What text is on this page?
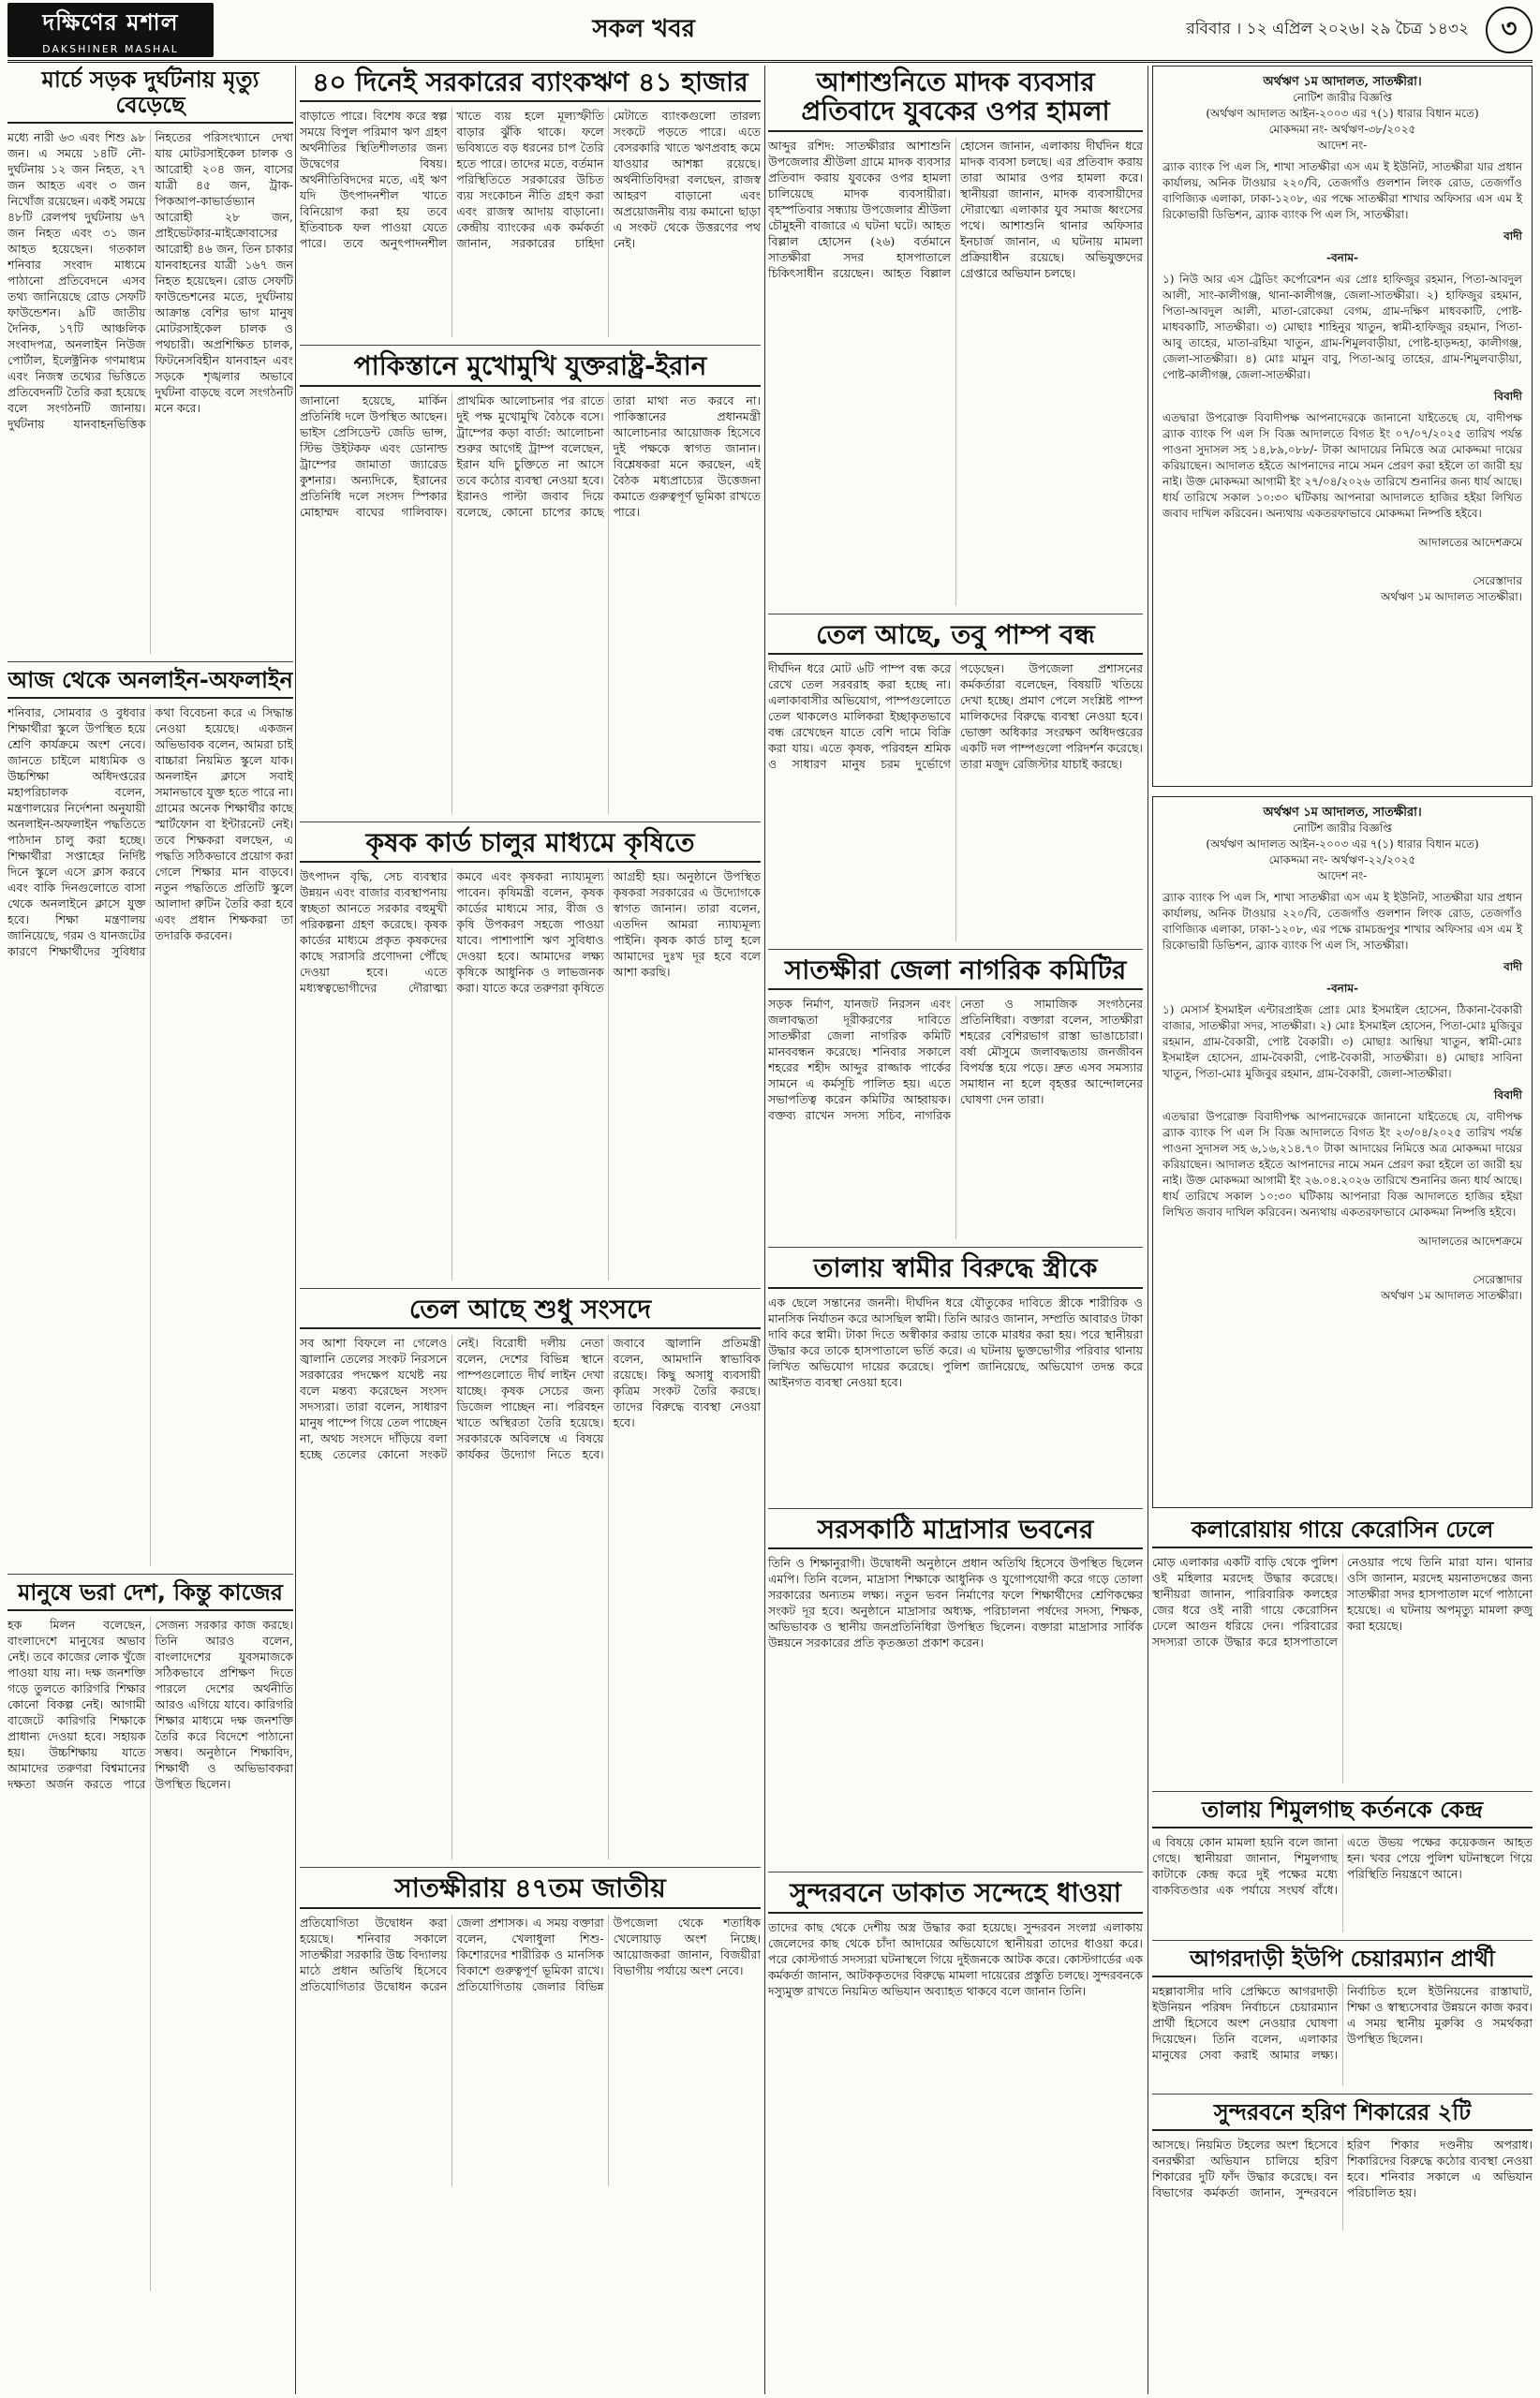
দক্ষিণের মশাল
DAKSHINER MASHAL
সকল খবর	রবিবার । ১২ এপ্রিল ২০২৬। ২৯ চৈত্র ১৪৩২	৩
মার্চে সড়ক দুর্ঘটনায় মৃত্যু বেড়েছে
মধ্যে নারী ৬৩ এবং শিশু ৯৮ জন। এ সময়ে ১৪টি নৌ-দুর্ঘটনায় ১২ জন নিহত, ২৭ জন আহত এবং ৩ জন নিখোঁজ রয়েছেন। একই সময়ে ৪৮টি রেলপথ দুর্ঘটনায় ৬৭ জন নিহত এবং ৩১ জন আহত হয়েছেন। গতকাল শনিবার সংবাদ মাধ্যমে পাঠানো প্রতিবেদনে এসব তথ্য জানিয়েছে রোড সেফটি ফাউন্ডেশন। ৯টি জাতীয় দৈনিক, ১৭টি আঞ্চলিক সংবাদপত্র, অনলাইন নিউজ পোর্টাল, ইলেক্ট্রনিক গণমাধ্যম এবং নিজস্ব তথ্যের ভিত্তিতে প্রতিবেদনটি তৈরি করা হয়েছে বলে সংগঠনটি জানায়। দুর্ঘটনায় যানবাহনভিত্তিক নিহতের পরিসংখ্যানে দেখা যায় মোটরসাইকেল চালক ও আরোহী ২০৪ জন, বাসের যাত্রী ৪৫ জন, ট্রাক-পিকআপ-কাভার্ডভ্যান আরোহী ২৮ জন, প্রাইভেটকার-মাইক্রোবাসের আরোহী ৪৬ জন, তিন চাকার যানবাহনের যাত্রী ১৬৭ জন নিহত হয়েছেন। রোড সেফটি ফাউন্ডেশনের মতে, দুর্ঘটনায় আক্রান্ত বেশির ভাগ মানুষ মোটরসাইকেল চালক ও পথচারী। অপ্রশিক্ষিত চালক, ফিটনেসবিহীন যানবাহন এবং সড়কে শৃঙ্খলার অভাবে দুর্ঘটনা বাড়ছে বলে সংগঠনটি মনে করে।
আজ থেকে অনলাইন-অফলাইন
শনিবার, সোমবার ও বুধবার শিক্ষার্থীরা স্কুলে উপস্থিত হয়ে শ্রেণি কার্যক্রমে অংশ নেবে। জানতে চাইলে মাধ্যমিক ও উচ্চশিক্ষা অধিদপ্তরের মহাপরিচালক বলেন, মন্ত্রণালয়ের নির্দেশনা অনুযায়ী অনলাইন-অফলাইন পদ্ধতিতে পাঠদান চালু করা হচ্ছে। শিক্ষার্থীরা সপ্তাহের নির্দিষ্ট দিনে স্কুলে এসে ক্লাস করবে এবং বাকি দিনগুলোতে বাসা থেকে অনলাইনে ক্লাসে যুক্ত হবে। শিক্ষা মন্ত্রণালয় জানিয়েছে, গরম ও যানজটের কারণে শিক্ষার্থীদের সুবিধার কথা বিবেচনা করে এ সিদ্ধান্ত নেওয়া হয়েছে। একজন অভিভাবক বলেন, আমরা চাই বাচ্চারা নিয়মিত স্কুলে যাক। অনলাইন ক্লাসে সবাই সমানভাবে যুক্ত হতে পারে না। গ্রামের অনেক শিক্ষার্থীর কাছে স্মার্টফোন বা ইন্টারনেট নেই। তবে শিক্ষকরা বলছেন, এ পদ্ধতি সঠিকভাবে প্রয়োগ করা গেলে শিক্ষার মান বাড়বে। নতুন পদ্ধতিতে প্রতিটি স্কুলে আলাদা রুটিন তৈরি করা হবে এবং প্রধান শিক্ষকরা তা তদারকি করবেন।
মানুষে ভরা দেশ, কিন্তু কাজের
হক মিলন বলেছেন, বাংলাদেশে মানুষের অভাব নেই। তবে কাজের লোক খুঁজে পাওয়া যায় না। দক্ষ জনশক্তি গড়ে তুলতে কারিগরি শিক্ষার কোনো বিকল্প নেই। আগামী বাজেটে কারিগরি শিক্ষাকে প্রাধান্য দেওয়া হবে। সহায়ক হয়। উচ্চশিক্ষায় যাতে আমাদের তরুণরা বিশ্বমানের দক্ষতা অর্জন করতে পারে সেজন্য সরকার কাজ করছে। তিনি আরও বলেন, বাংলাদেশের যুবসমাজকে সঠিকভাবে প্রশিক্ষণ দিতে পারলে দেশের অর্থনীতি আরও এগিয়ে যাবে। কারিগরি শিক্ষার মাধ্যমে দক্ষ জনশক্তি তৈরি করে বিদেশে পাঠানো সম্ভব। অনুষ্ঠানে শিক্ষাবিদ, শিক্ষার্থী ও অভিভাবকরা উপস্থিত ছিলেন।
৪০ দিনেই সরকারের ব্যাংকঋণ ৪১ হাজার
বাড়াতে পারে। বিশেষ করে স্বল্প সময়ে বিপুল পরিমাণ ঋণ গ্রহণ অর্থনীতির স্থিতিশীলতার জন্য উদ্বেগের বিষয়। অর্থনীতিবিদদের মতে, এই ঋণ যদি উৎপাদনশীল খাতে বিনিয়োগ করা হয় তবে ইতিবাচক ফল পাওয়া যেতে পারে। তবে অনুৎপাদনশীল খাতে ব্যয় হলে মূল্যস্ফীতি বাড়ার ঝুঁকি থাকে। ফলে ভবিষ্যতে বড় ধরনের চাপ তৈরি হতে পারে। তাদের মতে, বর্তমান পরিস্থিতিতে সরকারের উচিত ব্যয় সংকোচন নীতি গ্রহণ করা এবং রাজস্ব আদায় বাড়ানো। কেন্দ্রীয় ব্যাংকের এক কর্মকর্তা জানান, সরকারের চাহিদা মেটাতে ব্যাংকগুলো তারল্য সংকটে পড়তে পারে। এতে বেসরকারি খাতে ঋণপ্রবাহ কমে যাওয়ার আশঙ্কা রয়েছে। অর্থনীতিবিদরা বলছেন, রাজস্ব আহরণ বাড়ানো এবং অপ্রয়োজনীয় ব্যয় কমানো ছাড়া এ সংকট থেকে উত্তরণের পথ নেই।
পাকিস্তানে মুখোমুখি যুক্তরাষ্ট্র-ইরান
জানানো হয়েছে, মার্কিন প্রতিনিধি দলে উপস্থিত আছেন। ভাইস প্রেসিডেন্ট জেডি ভান্স, স্টিভ উইটকফ এবং ডোনাল্ড ট্রাম্পের জামাতা জ্যারেড কুশনার। অন্যদিকে, ইরানের প্রতিনিধি দলে সংসদ স্পিকার মোহাম্মদ বাঘের গালিবাফ। প্রাথমিক আলোচনার পর রাতে দুই পক্ষ মুখোমুখি বৈঠকে বসে। ট্রাম্পের কড়া বার্তা: আলোচনা শুরুর আগেই ট্রাম্প বলেছেন, ইরান যদি চুক্তিতে না আসে তবে কঠোর ব্যবস্থা নেওয়া হবে। ইরানও পাল্টা জবাব দিয়ে বলেছে, কোনো চাপের কাছে তারা মাথা নত করবে না। পাকিস্তানের প্রধানমন্ত্রী আলোচনার আয়োজক হিসেবে দুই পক্ষকে স্বাগত জানান। বিশ্লেষকরা মনে করছেন, এই বৈঠক মধ্যপ্রাচ্যের উত্তেজনা কমাতে গুরুত্বপূর্ণ ভূমিকা রাখতে পারে।
কৃষক কার্ড চালুর মাধ্যমে কৃষিতে
উৎপাদন বৃদ্ধি, সেচ ব্যবস্থার উন্নয়ন এবং বাজার ব্যবস্থাপনায় স্বচ্ছতা আনতে সরকার বহুমুখী পরিকল্পনা গ্রহণ করেছে। কৃষক কার্ডের মাধ্যমে প্রকৃত কৃষকদের কাছে সরাসরি প্রণোদনা পৌঁছে দেওয়া হবে। এতে মধ্যস্বত্বভোগীদের দৌরাত্ম্য কমবে এবং কৃষকরা ন্যায্যমূল্য পাবেন। কৃষিমন্ত্রী বলেন, কৃষক কার্ডের মাধ্যমে সার, বীজ ও কৃষি উপকরণ সহজে পাওয়া যাবে। পাশাপাশি ঋণ সুবিধাও দেওয়া হবে। আমাদের লক্ষ্য কৃষিকে আধুনিক ও লাভজনক করা। যাতে করে তরুণরা কৃষিতে আগ্রহী হয়। অনুষ্ঠানে উপস্থিত কৃষকরা সরকারের এ উদ্যোগকে স্বাগত জানান। তারা বলেন, এতদিন আমরা ন্যায্যমূল্য পাইনি। কৃষক কার্ড চালু হলে আমাদের দুঃখ দূর হবে বলে আশা করছি।
তেল আছে শুধু সংসদে
সব আশা বিফলে না গেলেও জ্বালানি তেলের সংকট নিরসনে সরকারের পদক্ষেপ যথেষ্ট নয় বলে মন্তব্য করেছেন সংসদ সদস্যরা। তারা বলেন, সাধারণ মানুষ পাম্পে গিয়ে তেল পাচ্ছেন না, অথচ সংসদে দাঁড়িয়ে বলা হচ্ছে তেলের কোনো সংকট নেই। বিরোধী দলীয় নেতা বলেন, দেশের বিভিন্ন স্থানে পাম্পগুলোতে দীর্ঘ লাইন দেখা যাচ্ছে। কৃষক সেচের জন্য ডিজেল পাচ্ছেন না। পরিবহন খাতে অস্থিরতা তৈরি হয়েছে। সরকারকে অবিলম্বে এ বিষয়ে কার্যকর উদ্যোগ নিতে হবে। জবাবে জ্বালানি প্রতিমন্ত্রী বলেন, আমদানি স্বাভাবিক রয়েছে। কিছু অসাধু ব্যবসায়ী কৃত্রিম সংকট তৈরি করছে। তাদের বিরুদ্ধে ব্যবস্থা নেওয়া হবে।
সাতক্ষীরায় ৪৭তম জাতীয়
প্রতিযোগিতা উদ্বোধন করা হয়েছে। শনিবার সকালে সাতক্ষীরা সরকারি উচ্চ বিদ্যালয় মাঠে প্রধান অতিথি হিসেবে প্রতিযোগিতার উদ্বোধন করেন জেলা প্রশাসক। এ সময় বক্তারা বলেন, খেলাধুলা শিশু-কিশোরদের শারীরিক ও মানসিক বিকাশে গুরুত্বপূর্ণ ভূমিকা রাখে। প্রতিযোগিতায় জেলার বিভিন্ন উপজেলা থেকে শতাধিক খেলোয়াড় অংশ নিচ্ছে। আয়োজকরা জানান, বিজয়ীরা বিভাগীয় পর্যায়ে অংশ নেবে।
আশাশুনিতে মাদক ব্যবসার প্রতিবাদে যুবকের ওপর হামলা
আব্দুর রশিদ: সাতক্ষীরার আশাশুনি উপজেলার শ্রীউলা গ্রামে মাদক ব্যবসার প্রতিবাদ করায় যুবকের ওপর হামলা চালিয়েছে মাদক ব্যবসায়ীরা। বৃহস্পতিবার সন্ধ্যায় উপজেলার শ্রীউলা চৌমুহনী বাজারে এ ঘটনা ঘটে। আহত বিল্লাল হোসেন (২৬) বর্তমানে সাতক্ষীরা সদর হাসপাতালে চিকিৎসাধীন রয়েছেন। আহত বিল্লাল হোসেন জানান, এলাকায় দীর্ঘদিন ধরে মাদক ব্যবসা চলছে। এর প্রতিবাদ করায় তারা আমার ওপর হামলা করে। স্থানীয়রা জানান, মাদক ব্যবসায়ীদের দৌরাত্ম্যে এলাকার যুব সমাজ ধ্বংসের পথে। আশাশুনি থানার অফিসার ইনচার্জ জানান, এ ঘটনায় মামলা প্রক্রিয়াধীন রয়েছে। অভিযুক্তদের গ্রেপ্তারে অভিযান চলছে।
তেল আছে, তবু পাম্প বন্ধ
দীর্ঘদিন ধরে মোট ৬টি পাম্প বন্ধ করে রেখে তেল সরবরাহ করা হচ্ছে না। এলাকাবাসীর অভিযোগ, পাম্পগুলোতে তেল থাকলেও মালিকরা ইচ্ছাকৃতভাবে বন্ধ রেখেছেন যাতে বেশি দামে বিক্রি করা যায়। এতে কৃষক, পরিবহন শ্রমিক ও সাধারণ মানুষ চরম দুর্ভোগে পড়েছেন। উপজেলা প্রশাসনের কর্মকর্তারা বলেছেন, বিষয়টি খতিয়ে দেখা হচ্ছে। প্রমাণ পেলে সংশ্লিষ্ট পাম্প মালিকদের বিরুদ্ধে ব্যবস্থা নেওয়া হবে। ভোক্তা অধিকার সংরক্ষণ অধিদপ্তরের একটি দল পাম্পগুলো পরিদর্শন করেছে। তারা মজুদ রেজিস্টার যাচাই করছে।
সাতক্ষীরা জেলা নাগরিক কমিটির
সড়ক নির্মাণ, যানজট নিরসন এবং জলাবদ্ধতা দূরীকরণের দাবিতে সাতক্ষীরা জেলা নাগরিক কমিটি মানববন্ধন করেছে। শনিবার সকালে শহরের শহীদ আব্দুর রাজ্জাক পার্কের সামনে এ কর্মসূচি পালিত হয়। এতে সভাপতিত্ব করেন কমিটির আহ্বায়ক। বক্তব্য রাখেন সদস্য সচিব, নাগরিক নেতা ও সামাজিক সংগঠনের প্রতিনিধিরা। বক্তারা বলেন, সাতক্ষীরা শহরের বেশিরভাগ রাস্তা ভাঙাচোরা। বর্ষা মৌসুমে জলাবদ্ধতায় জনজীবন বিপর্যস্ত হয়ে পড়ে। দ্রুত এসব সমস্যার সমাধান না হলে বৃহত্তর আন্দোলনের ঘোষণা দেন তারা।
তালায় স্বামীর বিরুদ্ধে স্ত্রীকে
এক ছেলে সন্তানের জননী। দীর্ঘদিন ধরে যৌতুকের দাবিতে স্ত্রীকে শারীরিক ও মানসিক নির্যাতন করে আসছিল স্বামী। তিনি আরও জানান, সম্প্রতি আবারও টাকা দাবি করে স্বামী। টাকা দিতে অস্বীকার করায় তাকে মারধর করা হয়। পরে স্থানীয়রা উদ্ধার করে তাকে হাসপাতালে ভর্তি করে। এ ঘটনায় ভুক্তভোগীর পরিবার থানায় লিখিত অভিযোগ দায়ের করেছে। পুলিশ জানিয়েছে, অভিযোগ তদন্ত করে আইনগত ব্যবস্থা নেওয়া হবে।
সরসকাঠি মাদ্রাসার ভবনের
তিনি ও শিক্ষানুরাগী। উদ্বোধনী অনুষ্ঠানে প্রধান অতিথি হিসেবে উপস্থিত ছিলেন এমপি। তিনি বলেন, মাদ্রাসা শিক্ষাকে আধুনিক ও যুগোপযোগী করে গড়ে তোলা সরকারের অন্যতম লক্ষ্য। নতুন ভবন নির্মাণের ফলে শিক্ষার্থীদের শ্রেণিকক্ষের সংকট দূর হবে। অনুষ্ঠানে মাদ্রাসার অধ্যক্ষ, পরিচালনা পর্ষদের সদস্য, শিক্ষক, অভিভাবক ও স্থানীয় জনপ্রতিনিধিরা উপস্থিত ছিলেন। বক্তারা মাদ্রাসার সার্বিক উন্নয়নে সরকারের প্রতি কৃতজ্ঞতা প্রকাশ করেন।
সুন্দরবনে ডাকাত সন্দেহে ধাওয়া
তাদের কাছ থেকে দেশীয় অস্ত্র উদ্ধার করা হয়েছে। সুন্দরবন সংলগ্ন এলাকায় জেলেদের কাছ থেকে চাঁদা আদায়ের অভিযোগে স্থানীয়রা তাদের ধাওয়া করে। পরে কোস্টগার্ড সদস্যরা ঘটনাস্থলে গিয়ে দুইজনকে আটক করে। কোস্টগার্ডের এক কর্মকর্তা জানান, আটককৃতদের বিরুদ্ধে মামলা দায়েরের প্রস্তুতি চলছে। সুন্দরবনকে দস্যুমুক্ত রাখতে নিয়মিত অভিযান অব্যাহত থাকবে বলে জানান তিনি।
অর্থঋণ ১ম আদালত, সাতক্ষীরা।
নোটিশ জারীর বিজ্ঞপ্তি
(অর্থঋণ আদালত আইন-২০০৩ এর ৭(১) ধারার বিধান মতে)
মোকদ্দমা নং- অর্থঋণ-৩৮/২০২৫
আদেশ নং-
ব্র্যাক ব্যাংক পি এল সি, শাখা সাতক্ষীরা এস এম ই ইউনিট, সাতক্ষীরা যার প্রধান কার্যালয়, অনিক টাওয়ার ২২০/বি, তেজগাঁও গুলশান লিংক রোড, তেজগাঁও বাণিজ্যিক এলাকা, ঢাকা-১২০৮, এর পক্ষে সাতক্ষীরা শাখার অফিসার এস এম ই রিকোভারী ডিভিশন, ব্র্যাক ব্যাংক পি এল সি, সাতক্ষীরা।
বাদী
-বনাম-
১) নিউ আর এস ট্রেডিং কর্পোরেশন এর প্রোঃ হাফিজুর রহমান, পিতা-আবদুল আলী, সাং-কালীগঞ্জ, থানা-কালীগঞ্জ, জেলা-সাতক্ষীরা। ২) হাফিজুর রহমান, পিতা-আবদুল আলী, মাতা-রোকেয়া বেগম, গ্রাম-দক্ষিণ মাধবকাটি, পোষ্ট-মাধবকাটি, সাতক্ষীরা। ৩) মোছাঃ শাহিনুর খাতুন, স্বামী-হাফিজুর রহমান, পিতা-আবু তাহের, মাতা-রহিমা খাতুন, গ্রাম-শিমুলবাড়ীয়া, পোষ্ট-হাড়দ্দহা, কালীগঞ্জ, জেলা-সাতক্ষীরা। ৪) মোঃ মামুন বাবু, পিতা-আবু তাহের, গ্রাম-শিমুলবাড়ীয়া, পোষ্ট-কালীগঞ্জ, জেলা-সাতক্ষীরা।
বিবাদী
এতদ্বারা উপরোক্ত বিবাদীপক্ষ আপনাদেরকে জানানো যাইতেছে যে, বাদীপক্ষ ব্র্যাক ব্যাংক পি এল সি বিজ্ঞ আদালতে বিগত ইং ০৭/০৭/২০২৫ তারিখ পর্যন্ত পাওনা সুদাসল সহ ১৪,৮৯,০৮৮/- টাকা আদায়ের নিমিত্তে অত্র মোকদ্দমা দায়ের করিয়াছেন। আদালত হইতে আপনাদের নামে সমন প্রেরণ করা হইলে তা জারী হয় নাই। উক্ত মোকদ্দমা আগামী ইং ২৭/০৪/২০২৬ তারিখে শুনানির জন্য ধার্য আছে। ধার্য তারিখে সকাল ১০:৩০ ঘটিকায় আপনারা আদালতে হাজির হইয়া লিখিত জবাব দাখিল করিবেন। অন্যথায় একতরফাভাবে মোকদ্দমা নিষ্পত্তি হইবে।
আদালতের আদেশক্রমে
সেরেস্তাদার
অর্থঋণ ১ম আদালত সাতক্ষীরা।
অর্থঋণ ১ম আদালত, সাতক্ষীরা।
নোটিশ জারীর বিজ্ঞপ্তি
(অর্থঋণ আদালত আইন-২০০৩ এর ৭(১) ধারার বিধান মতে)
মোকদ্দমা নং- অর্থঋণ-২২/২০২৫
আদেশ নং-
ব্র্যাক ব্যাংক পি এল সি, শাখা সাতক্ষীরা এস এম ই ইউনিট, সাতক্ষীরা যার প্রধান কার্যালয়, অনিক টাওয়ার ২২০/বি, তেজগাঁও গুলশান লিংক রোড, তেজগাঁও বাণিজ্যিক এলাকা, ঢাকা-১২০৮, এর পক্ষে রামচন্দ্রপুর শাখার অফিসার এস এম ই রিকোভারী ডিভিশন, ব্র্যাক ব্যাংক পি এল সি, সাতক্ষীরা।
বাদী
-বনাম-
১) মেসার্স ইসমাইল এন্টারপ্রাইজ প্রোঃ মোঃ ইসমাইল হোসেন, ঠিকানা-বৈকারী বাজার, সাতক্ষীরা সদর, সাতক্ষীরা। ২) মোঃ ইসমাইল হোসেন, পিতা-মোঃ মুজিবুর রহমান, গ্রাম-বৈকারী, পোষ্ট বৈকারী। ৩) মোছাঃ আম্বিয়া খাতুন, স্বামী-মোঃ ইসমাইল হোসেন, গ্রাম-বৈকারী, পোষ্ট-বৈকারী, সাতক্ষীরা। ৪) মোছাঃ সাবিনা খাতুন, পিতা-মোঃ মুজিবুর রহমান, গ্রাম-বৈকারী, জেলা-সাতক্ষীরা।
বিবাদী
এতদ্বারা উপরোক্ত বিবাদীপক্ষ আপনাদেরকে জানানো যাইতেছে যে, বাদীপক্ষ ব্র্যাক ব্যাংক পি এল সি বিজ্ঞ আদালতে বিগত ইং ২৩/০৪/২০২৫ তারিখ পর্যন্ত পাওনা সুদাসল সহ ৬,১৬,২১৪.৭০ টাকা আদায়ের নিমিত্তে অত্র মোকদ্দমা দায়ের করিয়াছেন। আদালত হইতে আপনাদের নামে সমন প্রেরণ করা হইলে তা জারী হয় নাই। উক্ত মোকদ্দমা আগামী ইং ২৬.০৪.২০২৬ তারিখে শুনানির জন্য ধার্য আছে। ধার্য তারিখে সকাল ১০:৩০ ঘটিকায় আপনারা বিজ্ঞ আদালতে হাজির হইয়া লিখিত জবাব দাখিল করিবেন। অন্যথায় একতরফাভাবে মোকদ্দমা নিষ্পত্তি হইবে।
আদালতের আদেশক্রমে
সেরেস্তাদার
অর্থঋণ ১ম আদালত সাতক্ষীরা।
কলারোয়ায় গায়ে কেরোসিন ঢেলে
মোড় এলাকার একটি বাড়ি থেকে পুলিশ ওই মহিলার মরদেহ উদ্ধার করেছে। স্থানীয়রা জানান, পারিবারিক কলহের জের ধরে ওই নারী গায়ে কেরোসিন ঢেলে আগুন ধরিয়ে দেন। পরিবারের সদস্যরা তাকে উদ্ধার করে হাসপাতালে নেওয়ার পথে তিনি মারা যান। থানার ওসি জানান, মরদেহ ময়নাতদন্তের জন্য সাতক্ষীরা সদর হাসপাতাল মর্গে পাঠানো হয়েছে। এ ঘটনায় অপমৃত্যু মামলা রুজু করা হয়েছে।
তালায় শিমুলগাছ কর্তনকে কেন্দ্র
এ বিষয়ে কোন মামলা হয়নি বলে জানা গেছে। স্থানীয়রা জানান, শিমুলগাছ কাটাকে কেন্দ্র করে দুই পক্ষের মধ্যে বাকবিতণ্ডার এক পর্যায়ে সংঘর্ষ বাঁধে। এতে উভয় পক্ষের কয়েকজন আহত হন। খবর পেয়ে পুলিশ ঘটনাস্থলে গিয়ে পরিস্থিতি নিয়ন্ত্রণে আনে।
আগরদাড়ী ইউপি চেয়ারম্যান প্রার্থী
মহল্লাবাসীর দাবি প্রেক্ষিতে আগরদাড়ী ইউনিয়ন পরিষদ নির্বাচনে চেয়ারম্যান প্রার্থী হিসেবে অংশ নেওয়ার ঘোষণা দিয়েছেন। তিনি বলেন, এলাকার মানুষের সেবা করাই আমার লক্ষ্য। নির্বাচিত হলে ইউনিয়নের রাস্তাঘাট, শিক্ষা ও স্বাস্থ্যসেবার উন্নয়নে কাজ করব। এ সময় স্থানীয় মুরুব্বি ও সমর্থকরা উপস্থিত ছিলেন।
সুন্দরবনে হরিণ শিকারের ২টি
আসছে। নিয়মিত টহলের অংশ হিসেবে বনরক্ষীরা অভিযান চালিয়ে হরিণ শিকারের দুটি ফাঁদ উদ্ধার করেছে। বন বিভাগের কর্মকর্তা জানান, সুন্দরবনে হরিণ শিকার দণ্ডনীয় অপরাধ। শিকারিদের বিরুদ্ধে কঠোর ব্যবস্থা নেওয়া হবে। শনিবার সকালে এ অভিযান পরিচালিত হয়।
